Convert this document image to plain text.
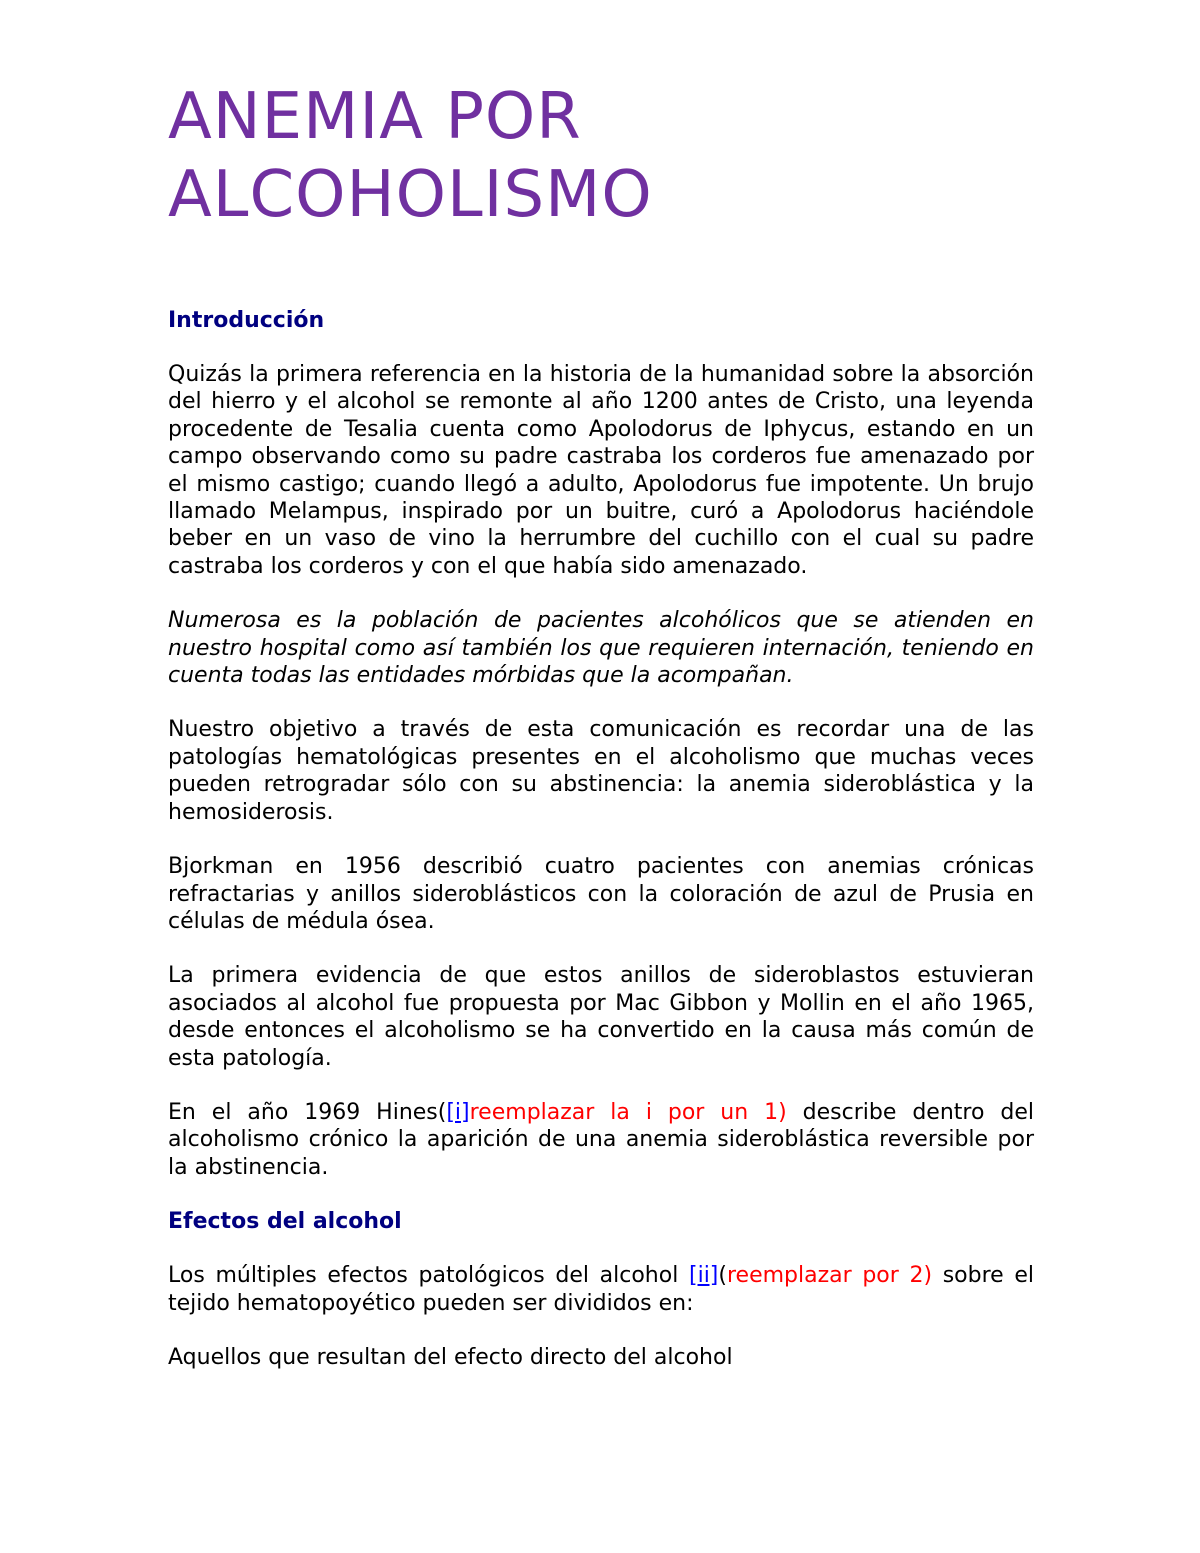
ANEMIA POR
ALCOHOLISMO
Introducción

Quizás la primera referencia en la historia de la humanidad sobre la absorción del hierro y el alcohol se remonte al año 1200 antes de Cristo, una leyenda procedente de Tesalia cuenta como Apolodorus de Iphycus, estando en un campo observando como su padre castraba los corderos fue amenazado por el mismo castigo; cuando llegó a adulto, Apolodorus fue impotente. Un brujo llamado Melampus, inspirado por un buitre, curó a Apolodorus haciéndole beber en un vaso de vino la herrumbre del cuchillo con el cual su padre castraba los corderos y con el que había sido amenazado.

Numerosa es la población de pacientes alcohólicos que se atienden en nuestro hospital como así también los que requieren internación, teniendo en cuenta todas las entidades mórbidas que la acompañan.

Nuestro objetivo a través de esta comunicación es recordar una de las patologías hematológicas presentes en el alcoholismo que muchas veces pueden retrogradar sólo con su abstinencia: la anemia sideroblástica y la hemosiderosis.

Bjorkman en 1956 describió cuatro pacientes con anemias crónicas refractarias y anillos sideroblásticos con la coloración de azul de Prusia en células de médula ósea.

La primera evidencia de que estos anillos de sideroblastos estuvieran asociados al alcohol fue propuesta por Mac Gibbon y Mollin en el año 1965, desde entonces el alcoholismo se ha convertido en la causa más común de esta patología.

En el año 1969 Hines([i]reemplazar la i por un 1) describe dentro del alcoholismo crónico la aparición de una anemia sideroblástica reversible por la abstinencia.

Efectos del alcohol

Los múltiples efectos patológicos del alcohol [ii](reemplazar por 2) sobre el tejido hematopoyético pueden ser divididos en:

Aquellos que resultan del efecto directo del alcohol
